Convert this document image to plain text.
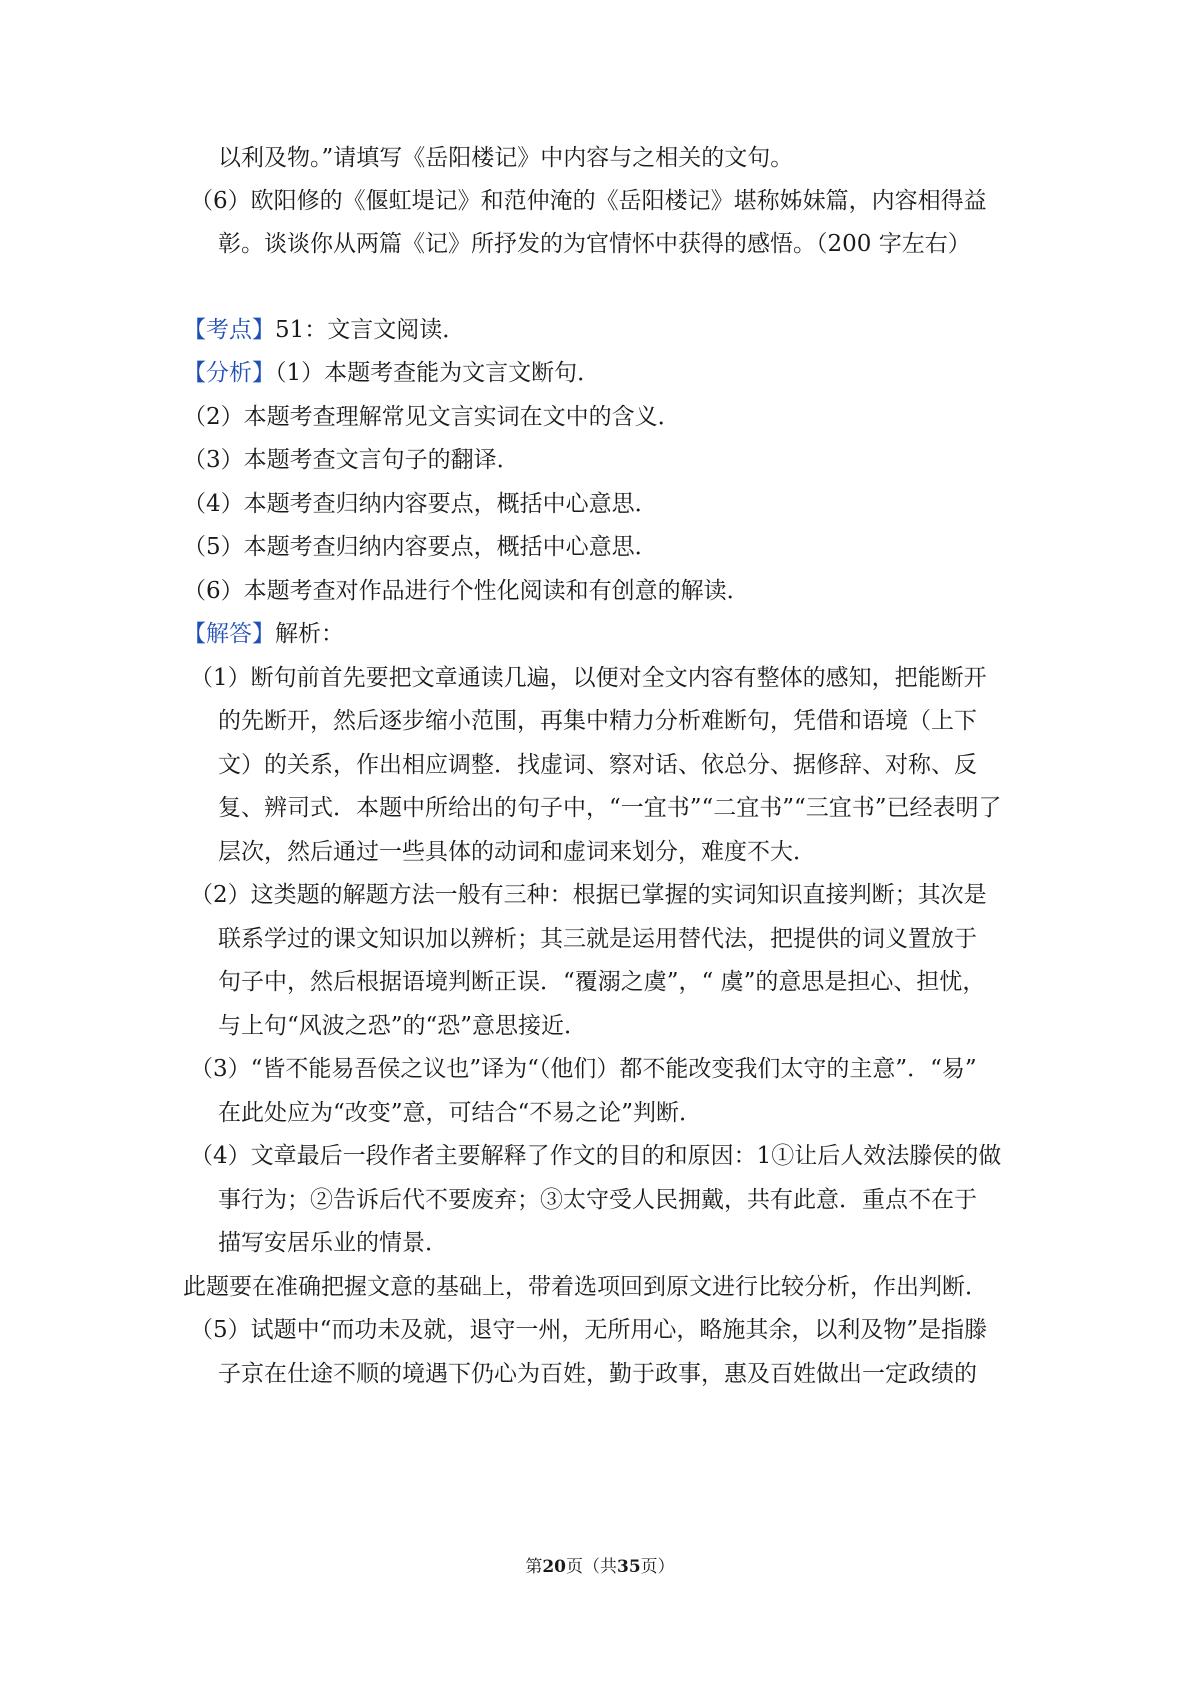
以利及物。”请填写《岳阳楼记》中内容与之相关的文句。
（6）欧阳修的《偃虹堤记》和范仲淹的《岳阳楼记》堪称姊妹篇，内容相得益
彰。谈谈你从两篇《记》所抒发的为官情怀中获得的感悟。（200 字左右）
【考点】51：文言文阅读．
【分析】（1）本题考查能为文言文断句．
（2）本题考查理解常见文言实词在文中的含义．
（3）本题考查文言句子的翻译．
（4）本题考查归纳内容要点，概括中心意思．
（5）本题考查归纳内容要点，概括中心意思．
（6）本题考查对作品进行个性化阅读和有创意的解读．
【解答】解析：
（1）断句前首先要把文章通读几遍，以便对全文内容有整体的感知，把能断开
的先断开，然后逐步缩小范围，再集中精力分析难断句，凭借和语境（上下
文）的关系，作出相应调整．找虚词、察对话、依总分、据修辞、对称、反
复、辨司式．本题中所给出的句子中，“一宜书”“二宜书”“三宜书”已经表明了
层次，然后通过一些具体的动词和虚词来划分，难度不大．
（2）这类题的解题方法一般有三种：根据已掌握的实词知识直接判断；其次是
联系学过的课文知识加以辨析；其三就是运用替代法，把提供的词义置放于
句子中，然后根据语境判断正误．“覆溺之虞”，“ 虞”的意思是担心、担忧，
与上句“风波之恐”的“恐”意思接近．
（3）“皆不能易吾侯之议也”译为“（他们）都不能改变我们太守的主意”．“易”
在此处应为“改变”意，可结合“不易之论”判断．
（4）文章最后一段作者主要解释了作文的目的和原因：1①让后人效法滕侯的做
事行为；②告诉后代不要废弃；③太守受人民拥戴，共有此意．重点不在于
描写安居乐业的情景．
此题要在准确把握文意的基础上，带着选项回到原文进行比较分析，作出判断．
（5）试题中“而功未及就，退守一州，无所用心，略施其余，以利及物”是指滕
子京在仕途不顺的境遇下仍心为百姓，勤于政事，惠及百姓做出一定政绩的
第20页（共35页）
